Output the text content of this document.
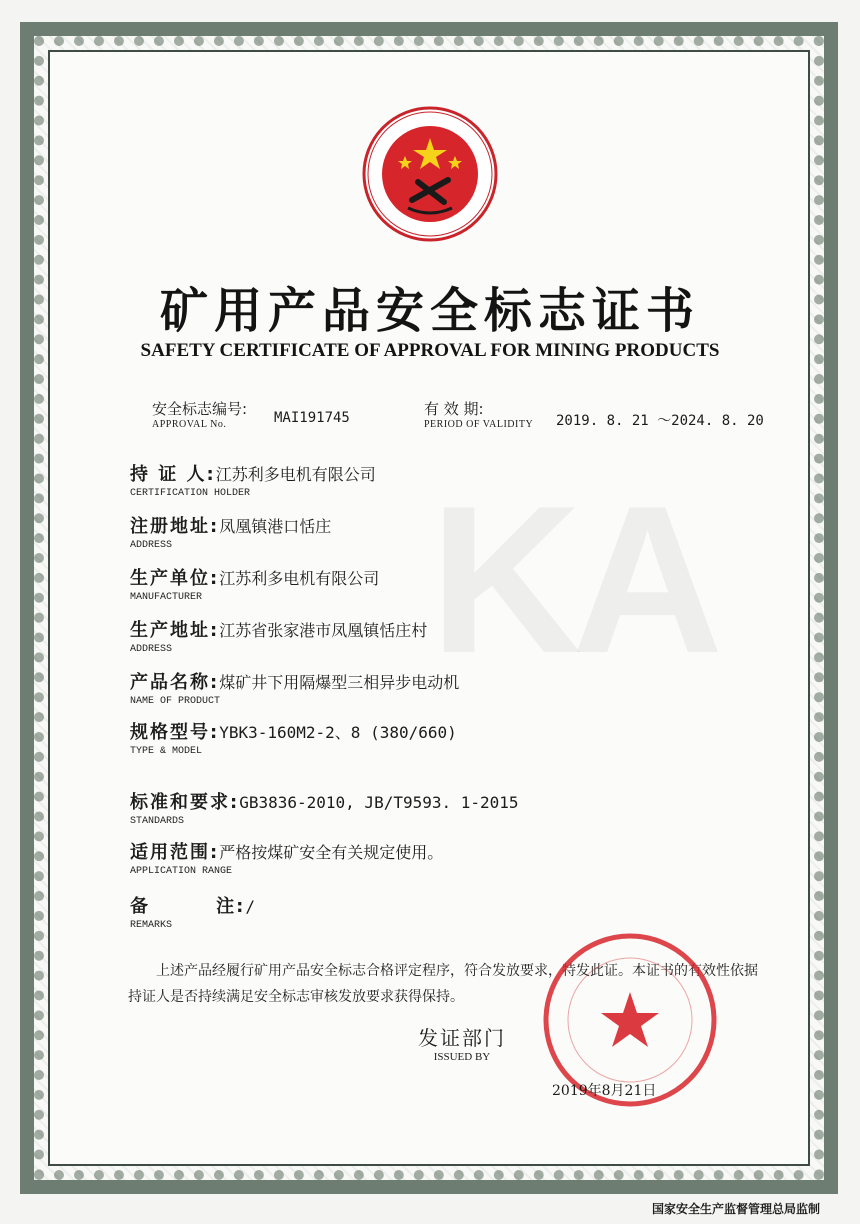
KA
矿用产品安全标志证书
SAFETY CERTIFICATE OF APPROVAL FOR MINING PRODUCTS
安全标志编号:
APPROVAL No.	MAI191745	有 效 期:
PERIOD OF VALIDITY 2019. 8. 21 ～2024. 8. 20
持 证 人:江苏利多电机有限公司
CERTIFICATION HOLDER
注册地址:凤凰镇港口恬庄
ADDRESS
生产单位:江苏利多电机有限公司
MANUFACTURER
生产地址:江苏省张家港市凤凰镇恬庄村
ADDRESS
产品名称:煤矿井下用隔爆型三相异步电动机
NAME OF PRODUCT
规格型号:YBK3-160M2-2、8 (380/660)
TYPE & MODEL
标准和要求:GB3836-2010, JB/T9593. 1-2015
STANDARDS
适用范围:严格按煤矿安全有关规定使用。
APPLICATION RANGE
备        注:/
REMARKS
上述产品经履行矿用产品安全标志合格评定程序，符合发放要求，特发此证。本证书的有效性依据持证人是否持续满足安全标志审核发放要求获得保持。
发证部门
ISSUED BY
2019年8月21日
国家安全生产监督管理总局监制
